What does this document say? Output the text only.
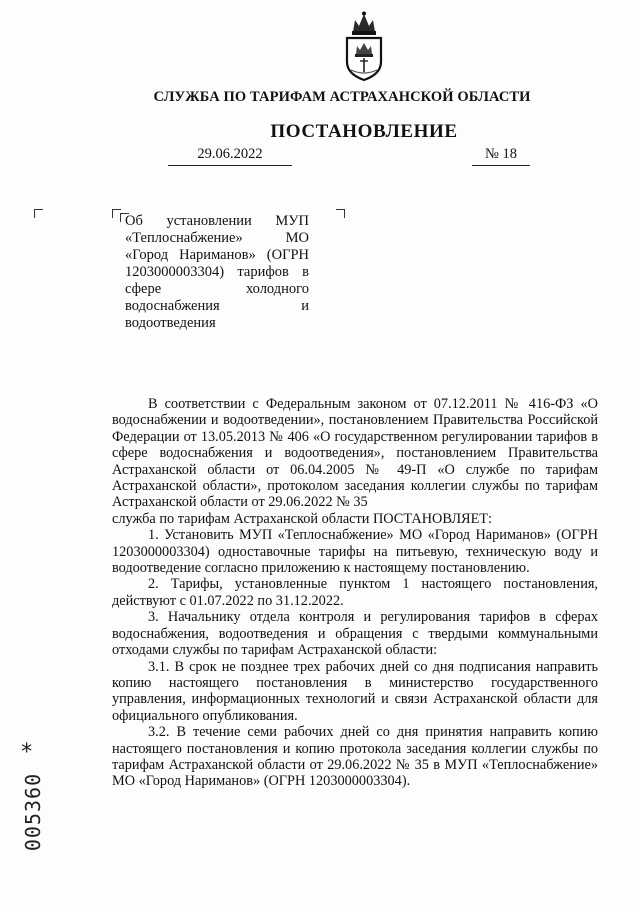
СЛУЖБА ПО ТАРИФАМ АСТРАХАНСКОЙ ОБЛАСТИ
ПОСТАНОВЛЕНИЕ
29.06.2022	№ 18

Об установлении МУП «Теплоснабжение» МО «Город Нариманов» (ОГРН 1203000003304) тарифов в сфере холодного водоснабжения и водоотведения

В соответствии с Федеральным законом от 07.12.2011 № 416-ФЗ «О водоснабжении и водоотведении», постановлением Правительства Российской Федерации от 13.05.2013 № 406 «О государственном регулировании тарифов в сфере водоснабжения и водоотведения», постановлением Правительства Астраханской области от 06.04.2005 № 49-П «О службе по тарифам Астраханской области», протоколом заседания коллегии службы по тарифам Астраханской области от 29.06.2022 № 35

служба по тарифам Астраханской области ПОСТАНОВЛЯЕТ:

1. Установить МУП «Теплоснабжение» МО «Город Нариманов» (ОГРН 1203000003304) одноставочные тарифы на питьевую, техническую воду и водоотведение согласно приложению к настоящему постановлению.

2. Тарифы, установленные пунктом 1 настоящего постановления, действуют с 01.07.2022 по 31.12.2022.

3. Начальнику отдела контроля и регулирования тарифов в сферах водоснабжения, водоотведения и обращения с твердыми коммунальными отходами службы по тарифам Астраханской области:

3.1. В срок не позднее трех рабочих дней со дня подписания направить копию настоящего постановления в министерство государственного управления, информационных технологий и связи Астраханской области для официального опубликования.

3.2. В течение семи рабочих дней со дня принятия направить копию настоящего постановления и копию протокола заседания коллегии службы по тарифам Астраханской области от 29.06.2022 № 35 в МУП «Теплоснабжение» МО «Город Нариманов» (ОГРН 1203000003304).

*
005360
